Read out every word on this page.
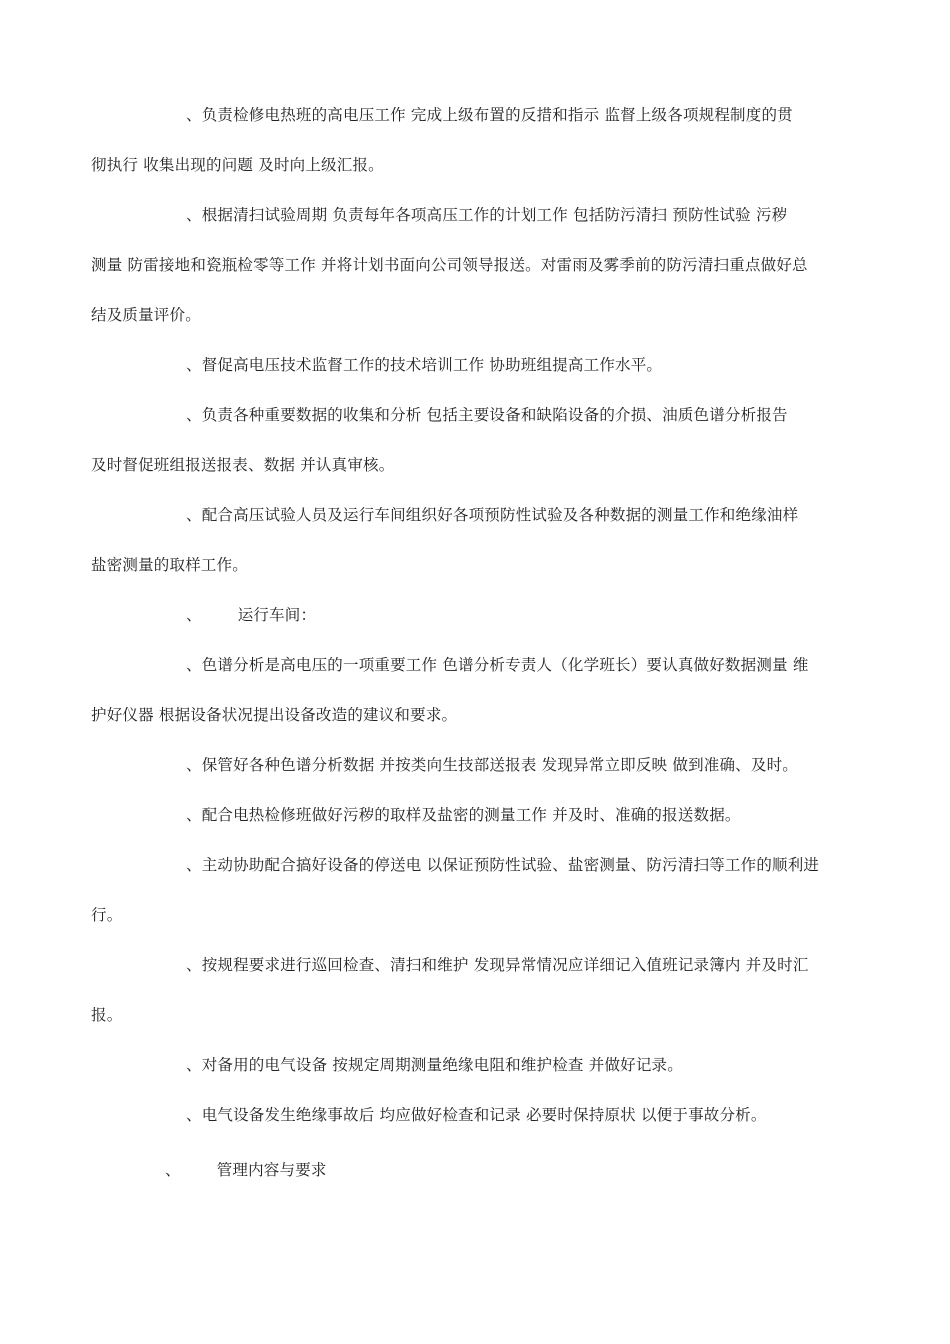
、负责检修电热班的高电压工作 完成上级布置的反措和指示 监督上级各项规程制度的贯
彻执行 收集出现的问题 及时向上级汇报。
、根据清扫试验周期 负责每年各项高压工作的计划工作 包括防污清扫 预防性试验 污秽
测量 防雷接地和瓷瓶检零等工作 并将计划书面向公司领导报送。对雷雨及雾季前的防污清扫重点做好总
结及质量评价。
、督促高电压技术监督工作的技术培训工作 协助班组提高工作水平。
、负责各种重要数据的收集和分析 包括主要设备和缺陷设备的介损、油质色谱分析报告
及时督促班组报送报表、数据 并认真审核。
、配合高压试验人员及运行车间组织好各项预防性试验及各种数据的测量工作和绝缘油样
盐密测量的取样工作。
、 运行车间：
、色谱分析是高电压的一项重要工作 色谱分析专责人（化学班长）要认真做好数据测量 维
护好仪器 根据设备状况提出设备改造的建议和要求。
、保管好各种色谱分析数据 并按类向生技部送报表 发现异常立即反映 做到准确、及时。
、配合电热检修班做好污秽的取样及盐密的测量工作 并及时、准确的报送数据。
、主动协助配合搞好设备的停送电 以保证预防性试验、盐密测量、防污清扫等工作的顺利进
行。
、按规程要求进行巡回检查、清扫和维护 发现异常情况应详细记入值班记录簿内 并及时汇
报。
、对备用的电气设备 按规定周期测量绝缘电阻和维护检查 并做好记录。
、电气设备发生绝缘事故后 均应做好检查和记录 必要时保持原状 以便于事故分析。
、 管理内容与要求
